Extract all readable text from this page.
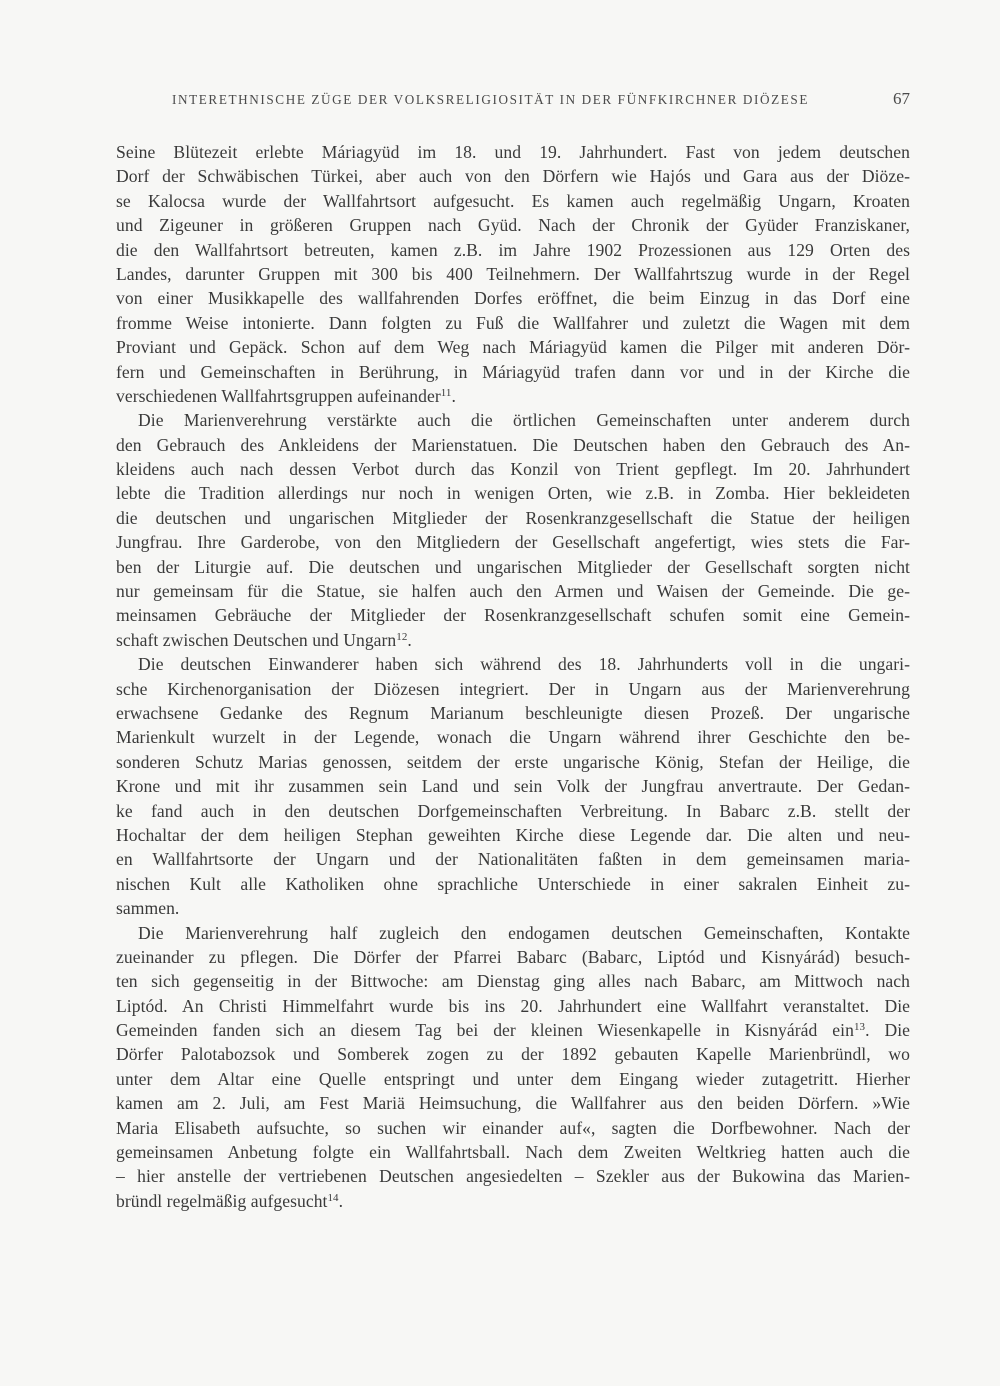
INTERETHNISCHE ZÜGE DER VOLKSRELIGIOSITÄT IN DER FÜNFKIRCHNER DIÖZESE	67
Seine Blütezeit erlebte Máriagyüd im 18. und 19. Jahrhundert. Fast von jedem deutschen
Dorf der Schwäbischen Türkei, aber auch von den Dörfern wie Hajós und Gara aus der Diöze-
se Kalocsa wurde der Wallfahrtsort aufgesucht. Es kamen auch regelmäßig Ungarn, Kroaten
und Zigeuner in größeren Gruppen nach Gyüd. Nach der Chronik der Gyüder Franziskaner,
die den Wallfahrtsort betreuten, kamen z.B. im Jahre 1902 Prozessionen aus 129 Orten des
Landes, darunter Gruppen mit 300 bis 400 Teilnehmern. Der Wallfahrtszug wurde in der Regel
von einer Musikkapelle des wallfahrenden Dorfes eröffnet, die beim Einzug in das Dorf eine
fromme Weise intonierte. Dann folgten zu Fuß die Wallfahrer und zuletzt die Wagen mit dem
Proviant und Gepäck. Schon auf dem Weg nach Máriagyüd kamen die Pilger mit anderen Dör-
fern und Gemeinschaften in Berührung, in Máriagyüd trafen dann vor und in der Kirche die
verschiedenen Wallfahrtsgruppen aufeinander$^{11}$.
Die Marienverehrung verstärkte auch die örtlichen Gemeinschaften unter anderem durch
den Gebrauch des Ankleidens der Marienstatuen. Die Deutschen haben den Gebrauch des An-
kleidens auch nach dessen Verbot durch das Konzil von Trient gepflegt. Im 20. Jahrhundert
lebte die Tradition allerdings nur noch in wenigen Orten, wie z.B. in Zomba. Hier bekleideten
die deutschen und ungarischen Mitglieder der Rosenkranzgesellschaft die Statue der heiligen
Jungfrau. Ihre Garderobe, von den Mitgliedern der Gesellschaft angefertigt, wies stets die Far-
ben der Liturgie auf. Die deutschen und ungarischen Mitglieder der Gesellschaft sorgten nicht
nur gemeinsam für die Statue, sie halfen auch den Armen und Waisen der Gemeinde. Die ge-
meinsamen Gebräuche der Mitglieder der Rosenkranzgesellschaft schufen somit eine Gemein-
schaft zwischen Deutschen und Ungarn$^{12}$.
Die deutschen Einwanderer haben sich während des 18. Jahrhunderts voll in die ungari-
sche Kirchenorganisation der Diözesen integriert. Der in Ungarn aus der Marienverehrung
erwachsene Gedanke des Regnum Marianum beschleunigte diesen Prozeß. Der ungarische
Marienkult wurzelt in der Legende, wonach die Ungarn während ihrer Geschichte den be-
sonderen Schutz Marias genossen, seitdem der erste ungarische König, Stefan der Heilige, die
Krone und mit ihr zusammen sein Land und sein Volk der Jungfrau anvertraute. Der Gedan-
ke fand auch in den deutschen Dorfgemeinschaften Verbreitung. In Babarc z.B. stellt der
Hochaltar der dem heiligen Stephan geweihten Kirche diese Legende dar. Die alten und neu-
en Wallfahrtsorte der Ungarn und der Nationalitäten faßten in dem gemeinsamen maria-
nischen Kult alle Katholiken ohne sprachliche Unterschiede in einer sakralen Einheit zu-
sammen.
Die Marienverehrung half zugleich den endogamen deutschen Gemeinschaften, Kontakte
zueinander zu pflegen. Die Dörfer der Pfarrei Babarc (Babarc, Liptód und Kisnyárád) besuch-
ten sich gegenseitig in der Bittwoche: am Dienstag ging alles nach Babarc, am Mittwoch nach
Liptód. An Christi Himmelfahrt wurde bis ins 20. Jahrhundert eine Wallfahrt veranstaltet. Die
Gemeinden fanden sich an diesem Tag bei der kleinen Wiesenkapelle in Kisnyárád ein$^{13}$. Die
Dörfer Palotabozsok und Somberek zogen zu der 1892 gebauten Kapelle Marienbründl, wo
unter dem Altar eine Quelle entspringt und unter dem Eingang wieder zutagetritt. Hierher
kamen am 2. Juli, am Fest Mariä Heimsuchung, die Wallfahrer aus den beiden Dörfern. »Wie
Maria Elisabeth aufsuchte, so suchen wir einander auf«, sagten die Dorfbewohner. Nach der
gemeinsamen Anbetung folgte ein Wallfahrtsball. Nach dem Zweiten Weltkrieg hatten auch die
– hier anstelle der vertriebenen Deutschen angesiedelten – Szekler aus der Bukowina das Marien-
bründl regelmäßig aufgesucht$^{14}$.
